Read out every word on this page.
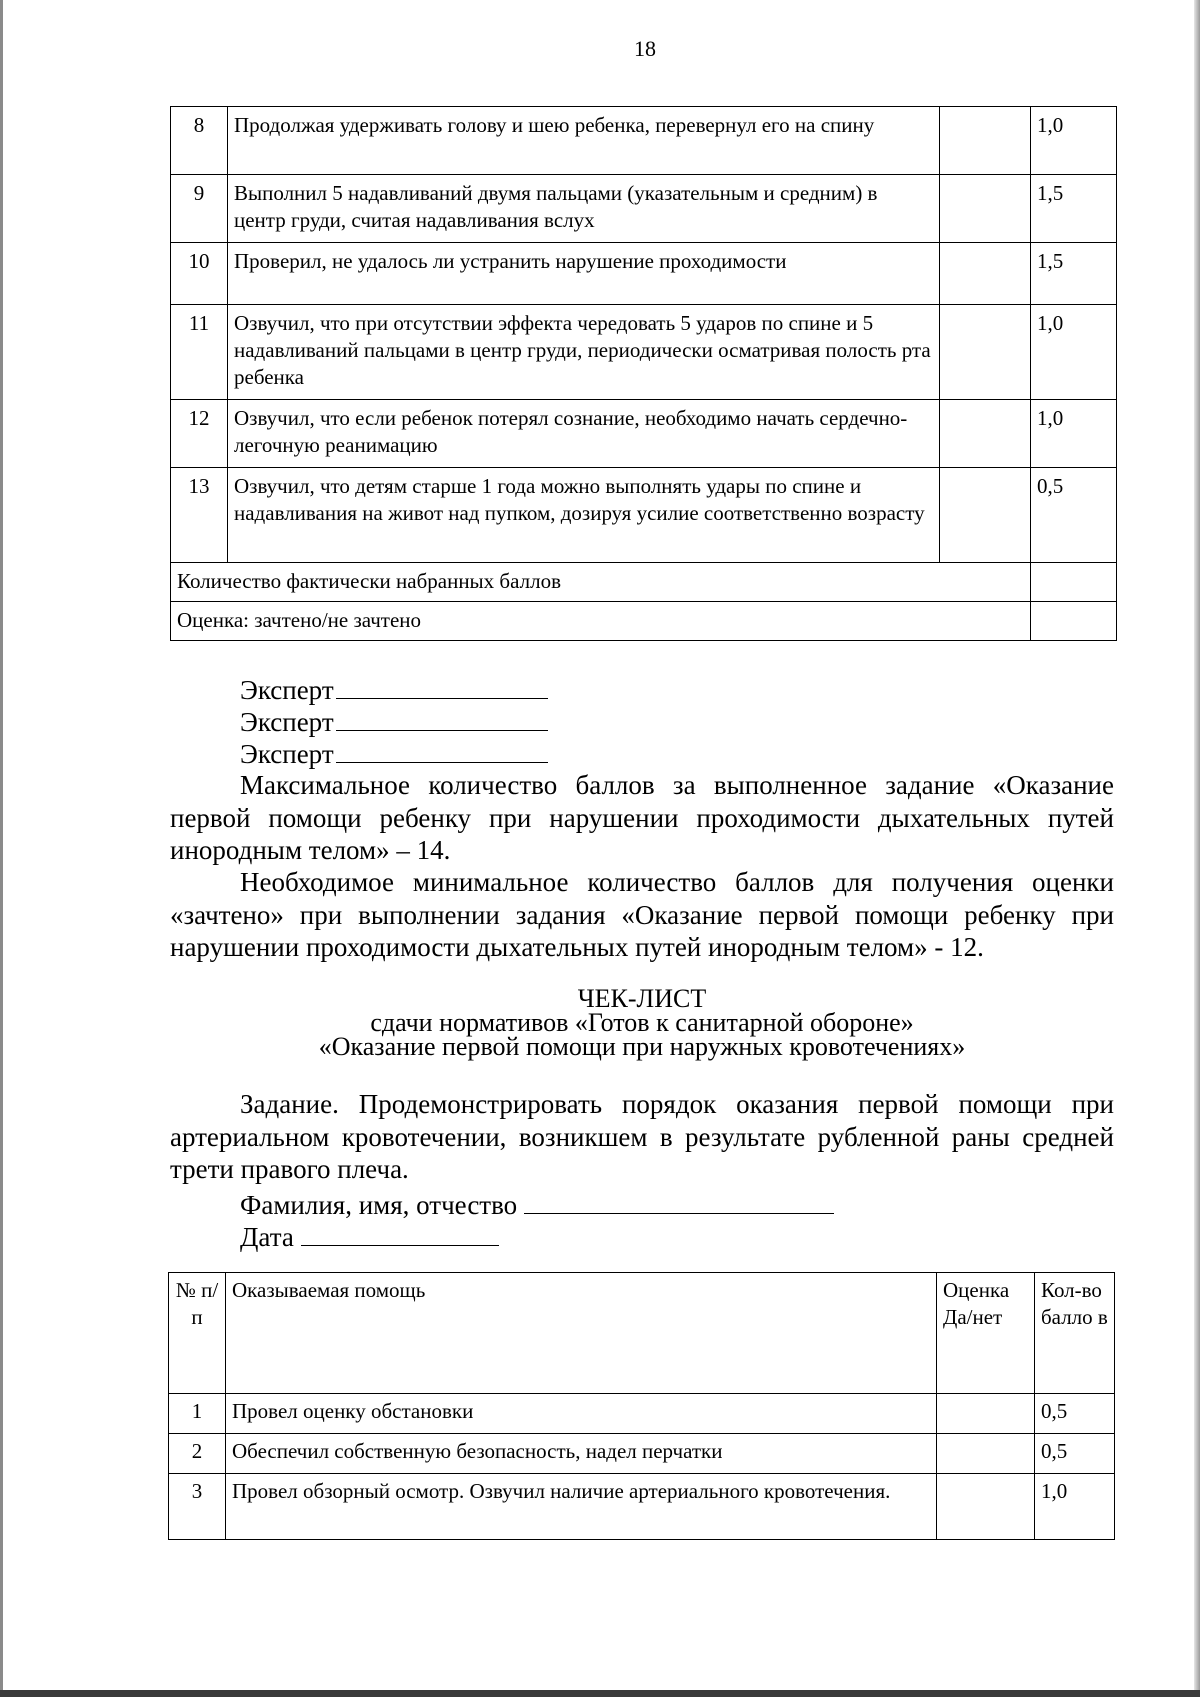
18
8	Продолжая удерживать голову и шею ребенка, перевернул его на спину		1,0
9	Выполнил 5 надавливаний двумя пальцами (указательным и средним) в центр груди, считая надавливания вслух		1,5
10	Проверил, не удалось ли устранить нарушение проходимости		1,5
11	Озвучил, что при отсутствии эффекта чередовать 5 ударов по спине и 5 надавливаний пальцами в центр груди, периодически осматривая полость рта ребенка		1,0
12	Озвучил, что если ребенок потерял сознание, необходимо начать сердечно-легочную реанимацию		1,0
13	Озвучил, что детям старше 1 года можно выполнять удары по спине и надавливания на живот над пупком, дозируя усилие соответственно возрасту		0,5
Количество фактически набранных баллов			
Оценка: зачтено/не зачтено			
Эксперт
Эксперт
Эксперт

Максимальное количество баллов за выполненное задание «Оказание первой помощи ребенку при нарушении проходимости дыхательных путей инородным телом» – 14.

Необходимое минимальное количество баллов для получения оценки «зачтено» при выполнении задания «Оказание первой помощи ребенку при нарушении проходимости дыхательных путей инородным телом» - 12.

ЧЕК-ЛИСТ
сдачи нормативов «Готов к санитарной обороне»
«Оказание первой помощи при наружных кровотечениях»

Задание. Продемонстрировать порядок оказания первой помощи при артериальном кровотечении, возникшем в результате рубленной раны средней трети правого плеча.

Фамилия, имя, отчество
Дата
№ п/п	Оказываемая помощь	Оценка Да/нет	Кол-во балло в
1	Провел оценку обстановки		0,5
2	Обеспечил собственную безопасность, надел перчатки		0,5
3	Провел обзорный осмотр. Озвучил наличие артериального кровотечения.		1,0
